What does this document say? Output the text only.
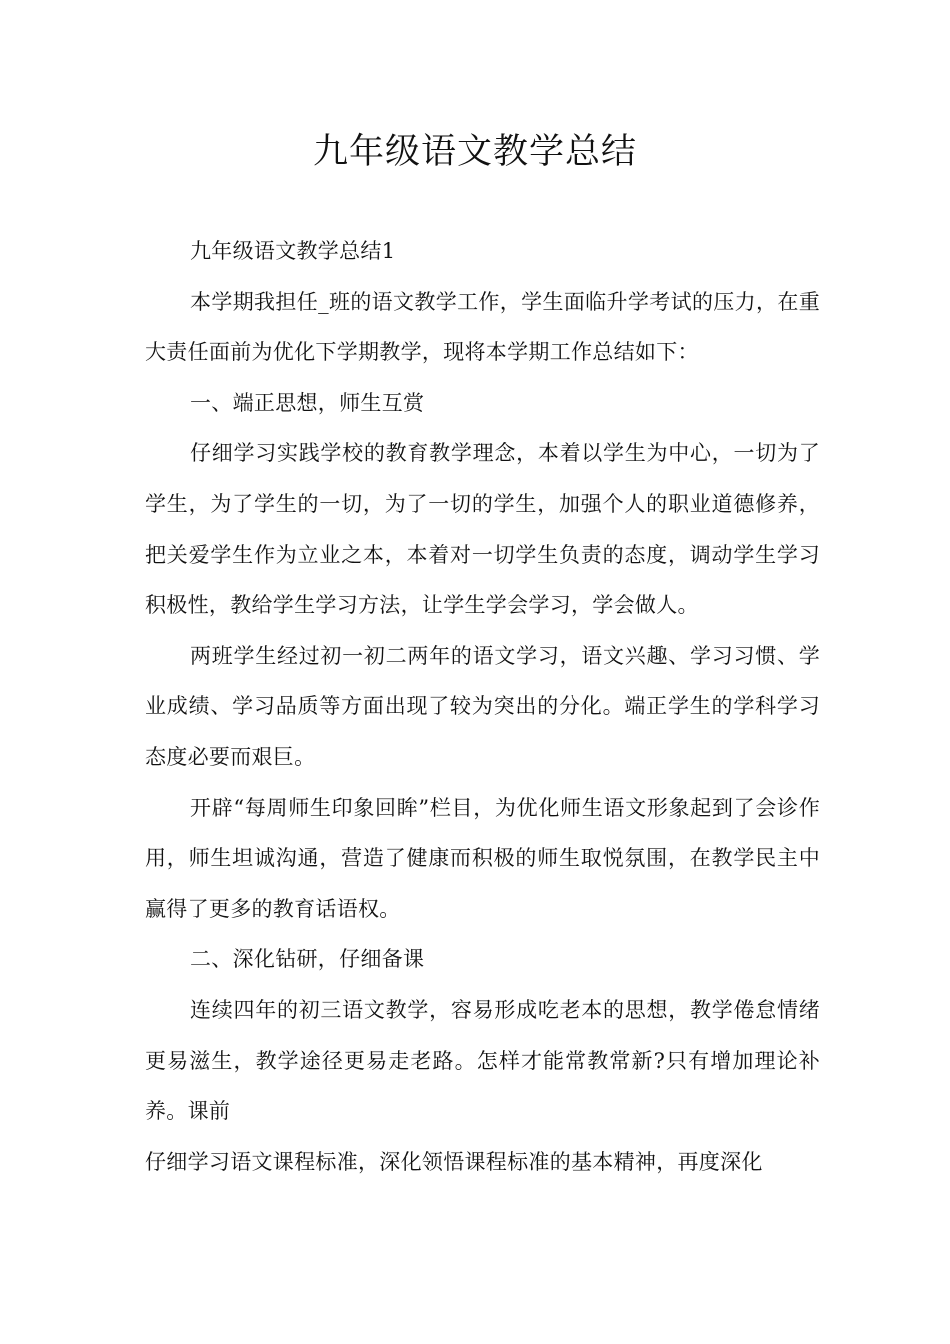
九年级语文教学总结

九年级语文教学总结1

本学期我担任_班的语文教学工作，学生面临升学考试的压力，在重大责任面前为优化下学期教学，现将本学期工作总结如下：

一、端正思想，师生互赏

仔细学习实践学校的教育教学理念，本着以学生为中心，一切为了学生，为了学生的一切，为了一切的学生，加强个人的职业道德修养，把关爱学生作为立业之本，本着对一切学生负责的态度，调动学生学习积极性，教给学生学习方法，让学生学会学习，学会做人。

两班学生经过初一初二两年的语文学习，语文兴趣、学习习惯、学业成绩、学习品质等方面出现了较为突出的分化。端正学生的学科学习态度必要而艰巨。

开辟“每周师生印象回眸”栏目，为优化师生语文形象起到了会诊作用，师生坦诚沟通，营造了健康而积极的师生取悦氛围，在教学民主中赢得了更多的教育话语权。

二、深化钻研，仔细备课

连续四年的初三语文教学，容易形成吃老本的思想，教学倦怠情绪更易滋生，教学途径更易走老路。怎样才能常教常新?只有增加理论补养。课前

仔细学习语文课程标准，深化领悟课程标准的基本精神，再度深化
